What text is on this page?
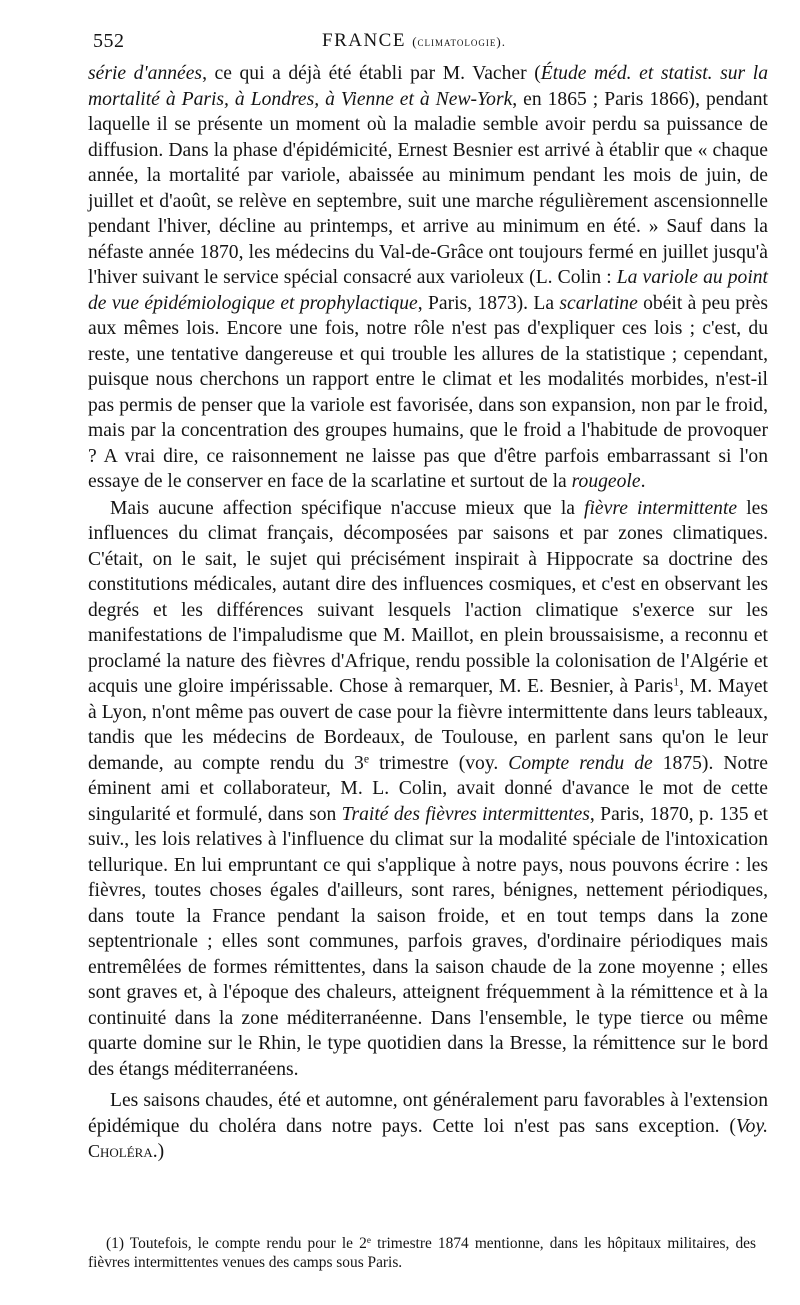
552	FRANCE (climatologie).

série d'années, ce qui a déjà été établi par M. Vacher (Étude méd. et statist. sur la mortalité à Paris, à Londres, à Vienne et à New-York, en 1865 ; Paris 1866), pendant laquelle il se présente un moment où la maladie semble avoir perdu sa puissance de diffusion. Dans la phase d'épidémicité, Ernest Besnier est arrivé à établir que « chaque année, la mortalité par variole, abaissée au minimum pendant les mois de juin, de juillet et d'août, se relève en septembre, suit une marche régulièrement ascensionnelle pendant l'hiver, décline au printemps, et arrive au minimum en été. » Sauf dans la néfaste année 1870, les médecins du Val-de-Grâce ont toujours fermé en juillet jusqu'à l'hiver suivant le service spécial consacré aux varioleux (L. Colin : La variole au point de vue épidémiologique et prophylactique, Paris, 1873). La scarlatine obéit à peu près aux mêmes lois. Encore une fois, notre rôle n'est pas d'expliquer ces lois ; c'est, du reste, une tentative dangereuse et qui trouble les allures de la statistique ; cependant, puisque nous cherchons un rapport entre le climat et les modalités morbides, n'est-il pas permis de penser que la variole est favorisée, dans son expansion, non par le froid, mais par la concentration des groupes humains, que le froid a l'habitude de provoquer ? A vrai dire, ce raisonnement ne laisse pas que d'être parfois embarrassant si l'on essaye de le conserver en face de la scarlatine et surtout de la rougeole.

Mais aucune affection spécifique n'accuse mieux que la fièvre intermittente les influences du climat français, décomposées par saisons et par zones climatiques. C'était, on le sait, le sujet qui précisément inspirait à Hippocrate sa doctrine des constitutions médicales, autant dire des influences cosmiques, et c'est en observant les degrés et les différences suivant lesquels l'action climatique s'exerce sur les manifestations de l'impaludisme que M. Maillot, en plein broussaisisme, a reconnu et proclamé la nature des fièvres d'Afrique, rendu possible la colonisation de l'Algérie et acquis une gloire impérissable. Chose à remarquer, M. E. Besnier, à Paris$^1$, M. Mayet à Lyon, n'ont même pas ouvert de case pour la fièvre intermittente dans leurs tableaux, tandis que les médecins de Bordeaux, de Toulouse, en parlent sans qu'on le leur demande, au compte rendu du 3e trimestre (voy. Compte rendu de 1875). Notre éminent ami et collaborateur, M. L. Colin, avait donné d'avance le mot de cette singularité et formulé, dans son Traité des fièvres intermittentes, Paris, 1870, p. 135 et suiv., les lois relatives à l'influence du climat sur la modalité spéciale de l'intoxication tellurique. En lui empruntant ce qui s'applique à notre pays, nous pouvons écrire : les fièvres, toutes choses égales d'ailleurs, sont rares, bénignes, nettement périodiques, dans toute la France pendant la saison froide, et en tout temps dans la zone septentrionale ; elles sont communes, parfois graves, d'ordinaire périodiques mais entremêlées de formes rémittentes, dans la saison chaude de la zone moyenne ; elles sont graves et, à l'époque des chaleurs, atteignent fréquemment à la rémittence et à la continuité dans la zone méditerranéenne. Dans l'ensemble, le type tierce ou même quarte domine sur le Rhin, le type quotidien dans la Bresse, la rémittence sur le bord des étangs méditerranéens.

Les saisons chaudes, été et automne, ont généralement paru favorables à l'extension épidémique du choléra dans notre pays. Cette loi n'est pas sans exception. (Voy. Choléra.)

(1) Toutefois, le compte rendu pour le 2e trimestre 1874 mentionne, dans les hôpitaux militaires, des fièvres intermittentes venues des camps sous Paris.
